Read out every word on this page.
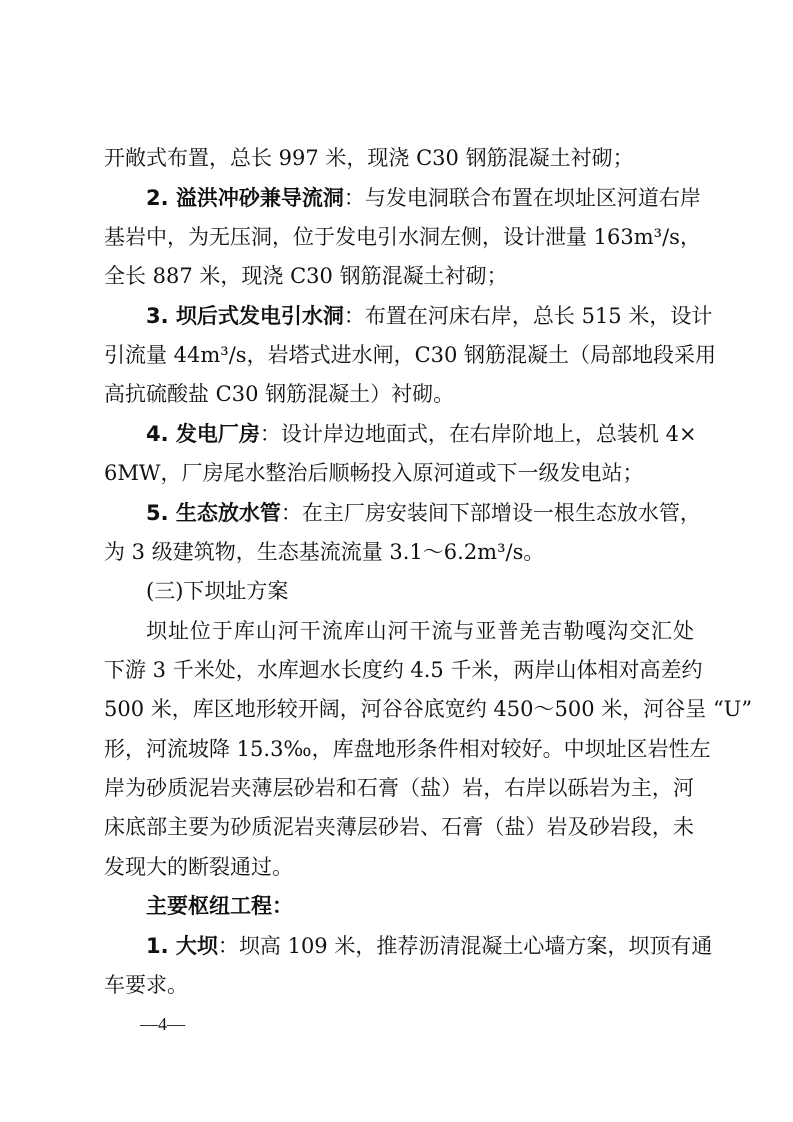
开敞式布置，总长 997 米，现浇 C30 钢筋混凝土衬砌；
2. 溢洪冲砂兼导流洞：与发电洞联合布置在坝址区河道右岸
基岩中，为无压洞，位于发电引水洞左侧，设计泄量 163m³/s，
全长 887 米，现浇 C30 钢筋混凝土衬砌；
3. 坝后式发电引水洞：布置在河床右岸，总长 515 米，设计
引流量 44m³/s，岩塔式进水闸，C30 钢筋混凝土（局部地段采用
高抗硫酸盐 C30 钢筋混凝土）衬砌。
4. 发电厂房：设计岸边地面式，在右岸阶地上，总装机 4×
6MW，厂房尾水整治后顺畅投入原河道或下一级发电站；
5. 生态放水管：在主厂房安装间下部增设一根生态放水管，
为 3 级建筑物，生态基流流量 3.1～6.2m³/s。
(三)下坝址方案
坝址位于库山河干流库山河干流与亚普羌吉勒嘎沟交汇处
下游 3 千米处，水库迴水长度约 4.5 千米，两岸山体相对高差约
500 米，库区地形较开阔，河谷谷底宽约 450～500 米，河谷呈 “U”
形，河流坡降 15.3‰，库盘地形条件相对较好。中坝址区岩性左
岸为砂质泥岩夹薄层砂岩和石膏（盐）岩，右岸以砾岩为主，河
床底部主要为砂质泥岩夹薄层砂岩、石膏（盐）岩及砂岩段，未
发现大的断裂通过。
主要枢纽工程：
1. 大坝：坝高 109 米，推荐沥清混凝土心墙方案，坝顶有通
车要求。
—4—
